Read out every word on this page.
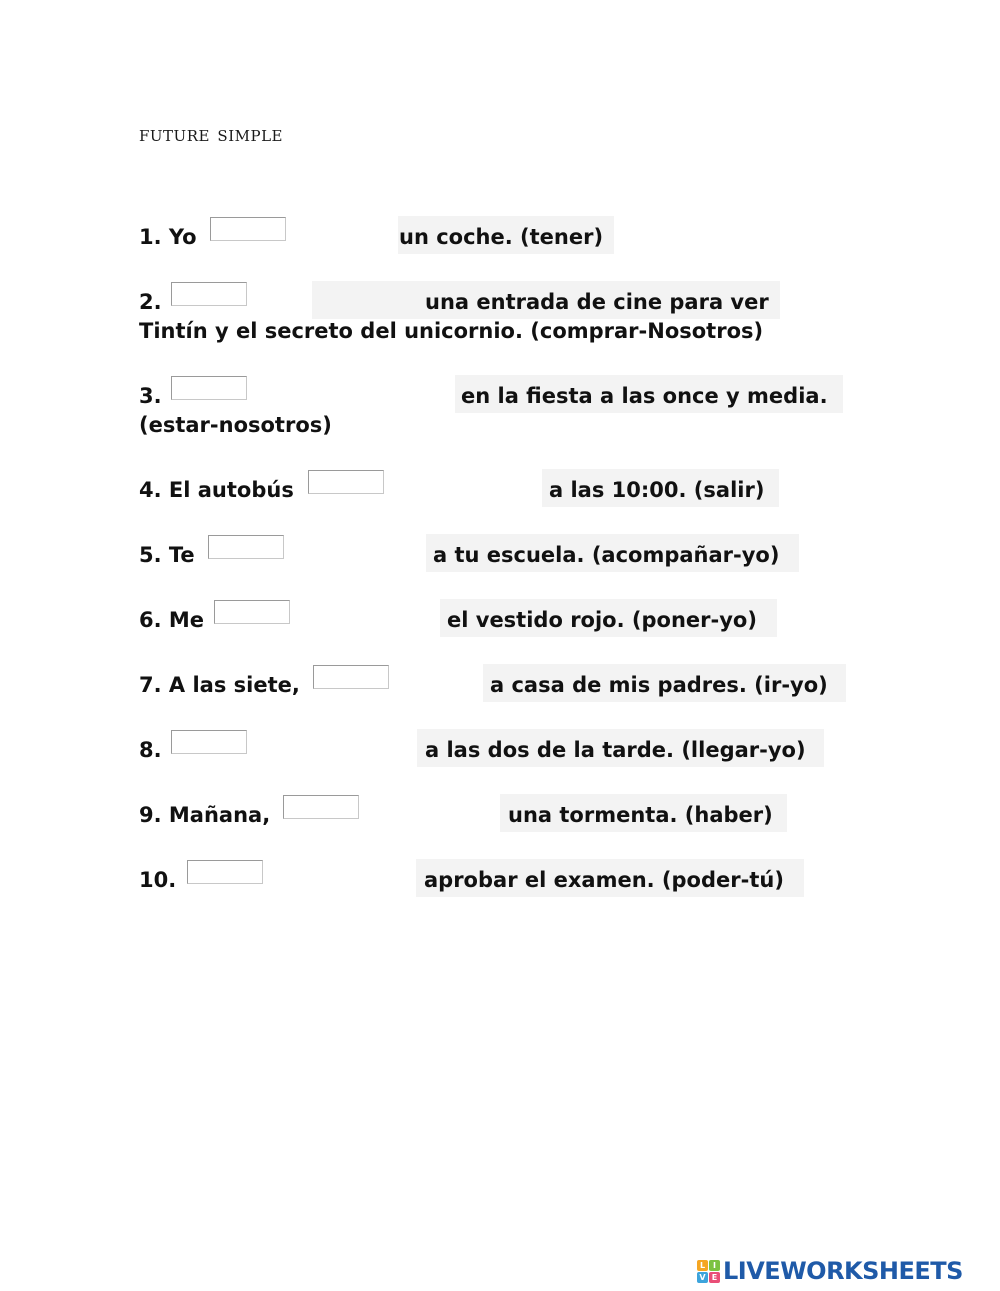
future simple
1. Yo	un coche. (tener)
2.	una entrada de cine para ver
Tintín y el secreto del unicornio. (comprar-Nosotros)
3.	en la fiesta a las once y media.
(estar-nosotros)
4. El autobús	a las 10:00. (salir)
5. Te	a tu escuela. (acompañar-yo)
6. Me	el vestido rojo. (poner-yo)
7. A las siete,	a casa de mis padres. (ir-yo)
8.	a las dos de la tarde. (llegar-yo)
9. Mañana,	una tormenta. (haber)
10.	aprobar el examen. (poder-tú)
L I
V E LIVEWORKSHEETS
